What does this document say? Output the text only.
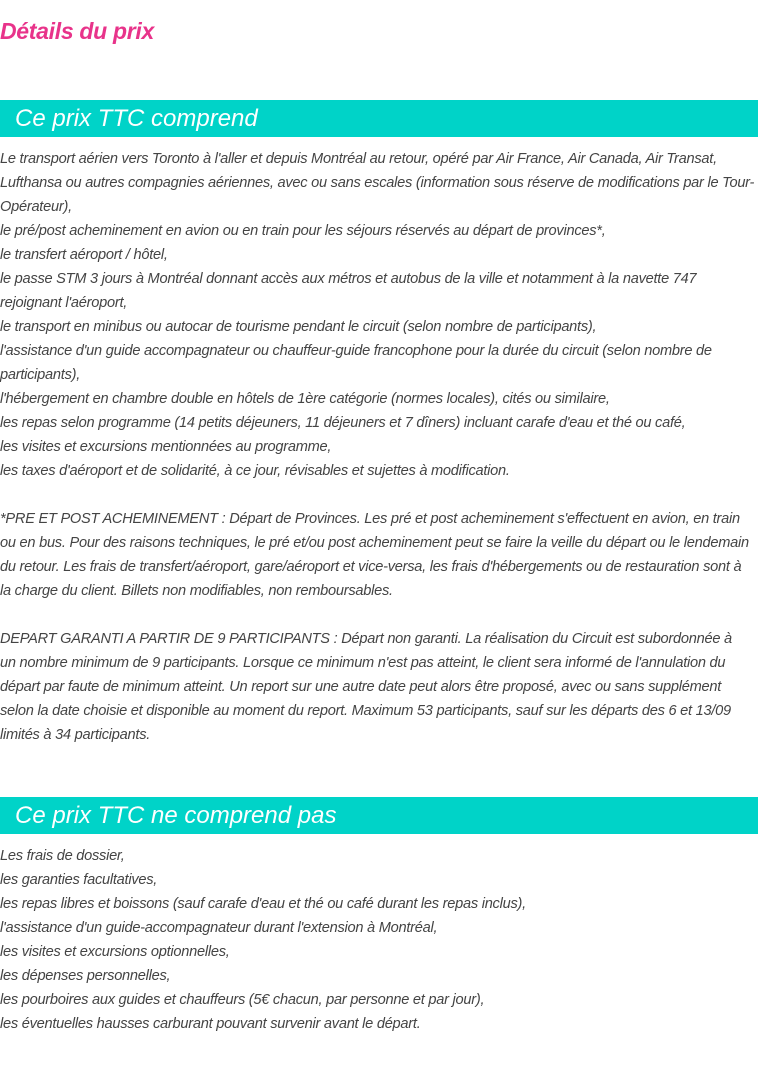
Détails du prix
Ce prix TTC comprend
Le transport aérien vers Toronto à l'aller et depuis Montréal au retour, opéré par Air France, Air Canada, Air Transat,
Lufthansa ou autres compagnies aériennes, avec ou sans escales (information sous réserve de modifications par le Tour-
Opérateur),
le pré/post acheminement en avion ou en train pour les séjours réservés au départ de provinces*,
le transfert aéroport / hôtel,
le passe STM 3 jours à Montréal donnant accès aux métros et autobus de la ville et notamment à la navette 747
rejoignant l'aéroport,
le transport en minibus ou autocar de tourisme pendant le circuit (selon nombre de participants),
l'assistance d'un guide accompagnateur ou chauffeur-guide francophone pour la durée du circuit (selon nombre de
participants),
l'hébergement en chambre double en hôtels de 1ère catégorie (normes locales), cités ou similaire,
les repas selon programme (14 petits déjeuners, 11 déjeuners et 7 dîners) incluant carafe d'eau et thé ou café,
les visites et excursions mentionnées au programme,
les taxes d'aéroport et de solidarité, à ce jour, révisables et sujettes à modification.
*PRE ET POST ACHEMINEMENT : Départ de Provinces. Les pré et post acheminement s'effectuent en avion, en train
ou en bus. Pour des raisons techniques, le pré et/ou post acheminement peut se faire la veille du départ ou le lendemain
du retour. Les frais de transfert/aéroport, gare/aéroport et vice-versa, les frais d'hébergements ou de restauration sont à
la charge du client. Billets non modifiables, non remboursables.
DEPART GARANTI A PARTIR DE 9 PARTICIPANTS : Départ non garanti. La réalisation du Circuit est subordonnée à
un nombre minimum de 9 participants. Lorsque ce minimum n'est pas atteint, le client sera informé de l'annulation du
départ par faute de minimum atteint. Un report sur une autre date peut alors être proposé, avec ou sans supplément
selon la date choisie et disponible au moment du report. Maximum 53 participants, sauf sur les départs des 6 et 13/09
limités à 34 participants.
Ce prix TTC ne comprend pas
Les frais de dossier,
les garanties facultatives,
les repas libres et boissons (sauf carafe d'eau et thé ou café durant les repas inclus),
l'assistance d'un guide-accompagnateur durant l'extension à Montréal,
les visites et excursions optionnelles,
les dépenses personnelles,
les pourboires aux guides et chauffeurs (5€ chacun, par personne et par jour),
les éventuelles hausses carburant pouvant survenir avant le départ.
